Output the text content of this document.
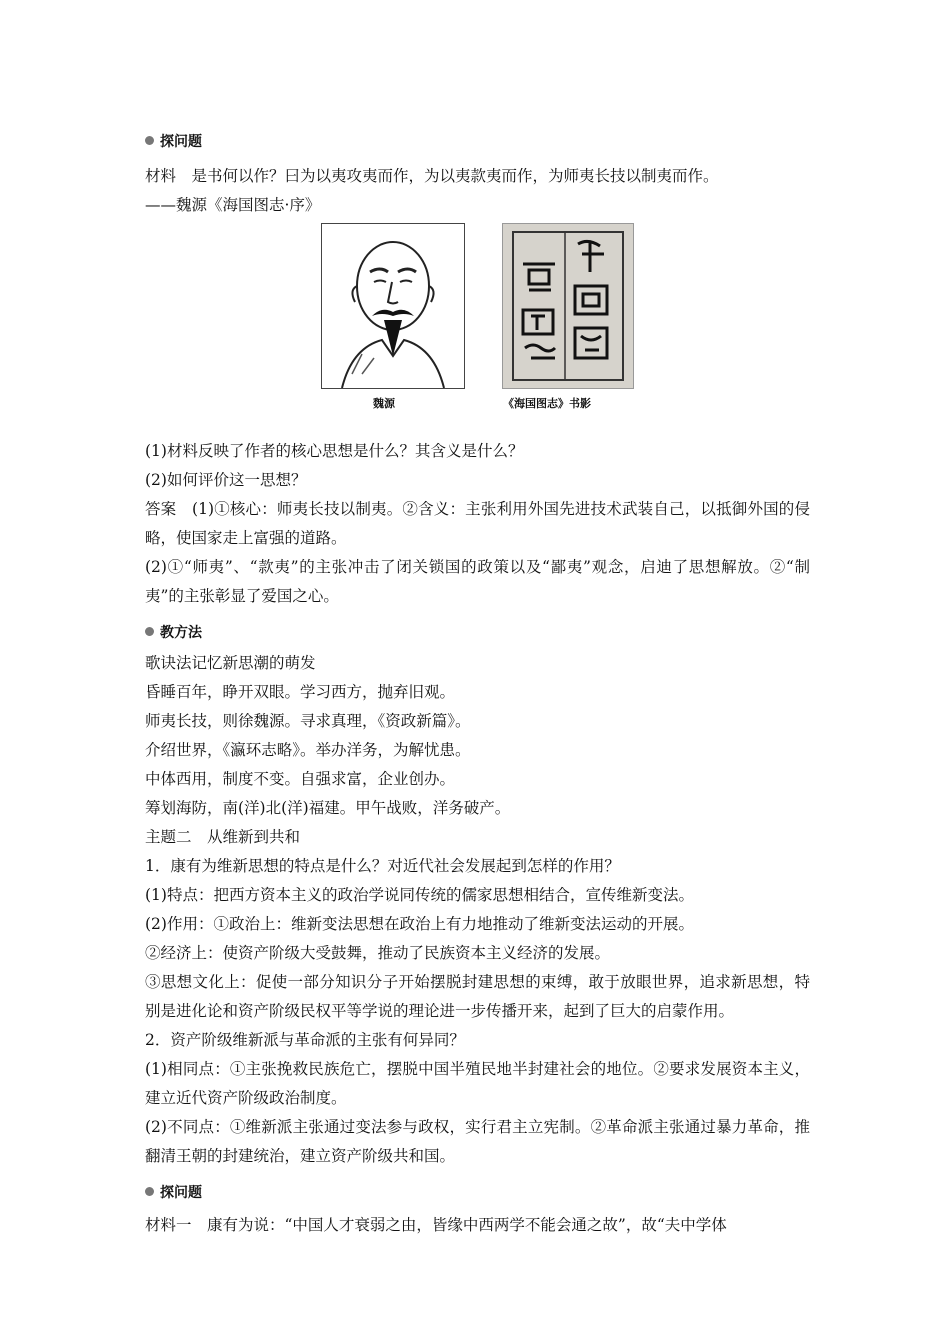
探问题
材料　是书何以作？曰为以夷攻夷而作，为以夷款夷而作，为师夷长技以制夷而作。
——魏源《海国图志·序》
魏源	《海国图志》书影
(1)材料反映了作者的核心思想是什么？其含义是什么？
(2)如何评价这一思想？
答案　(1)①核心：师夷长技以制夷。②含义：主张利用外国先进技术武装自己，以抵御外国的侵略，使国家走上富强的道路。
(2)①“师夷”、“款夷”的主张冲击了闭关锁国的政策以及“鄙夷”观念，启迪了思想解放。②“制夷”的主张彰显了爱国之心。
教方法
歌诀法记忆新思潮的萌发
昏睡百年，睁开双眼。学习西方，抛弃旧观。
师夷长技，则徐魏源。寻求真理，《资政新篇》。
介绍世界，《瀛环志略》。举办洋务，为解忧患。
中体西用，制度不变。自强求富，企业创办。
筹划海防，南(洋)北(洋)福建。甲午战败，洋务破产。
主题二　从维新到共和
1．康有为维新思想的特点是什么？对近代社会发展起到怎样的作用？
(1)特点：把西方资本主义的政治学说同传统的儒家思想相结合，宣传维新变法。
(2)作用：①政治上：维新变法思想在政治上有力地推动了维新变法运动的开展。
②经济上：使资产阶级大受鼓舞，推动了民族资本主义经济的发展。
③思想文化上：促使一部分知识分子开始摆脱封建思想的束缚，敢于放眼世界，追求新思想，特别是进化论和资产阶级民权平等学说的理论进一步传播开来，起到了巨大的启蒙作用。
2．资产阶级维新派与革命派的主张有何异同？
(1)相同点：①主张挽救民族危亡，摆脱中国半殖民地半封建社会的地位。②要求发展资本主义，建立近代资产阶级政治制度。
(2)不同点：①维新派主张通过变法参与政权，实行君主立宪制。②革命派主张通过暴力革命，推翻清王朝的封建统治，建立资产阶级共和国。
探问题
材料一　康有为说：“中国人才衰弱之由，皆缘中西两学不能会通之故”，故“夫中学体
